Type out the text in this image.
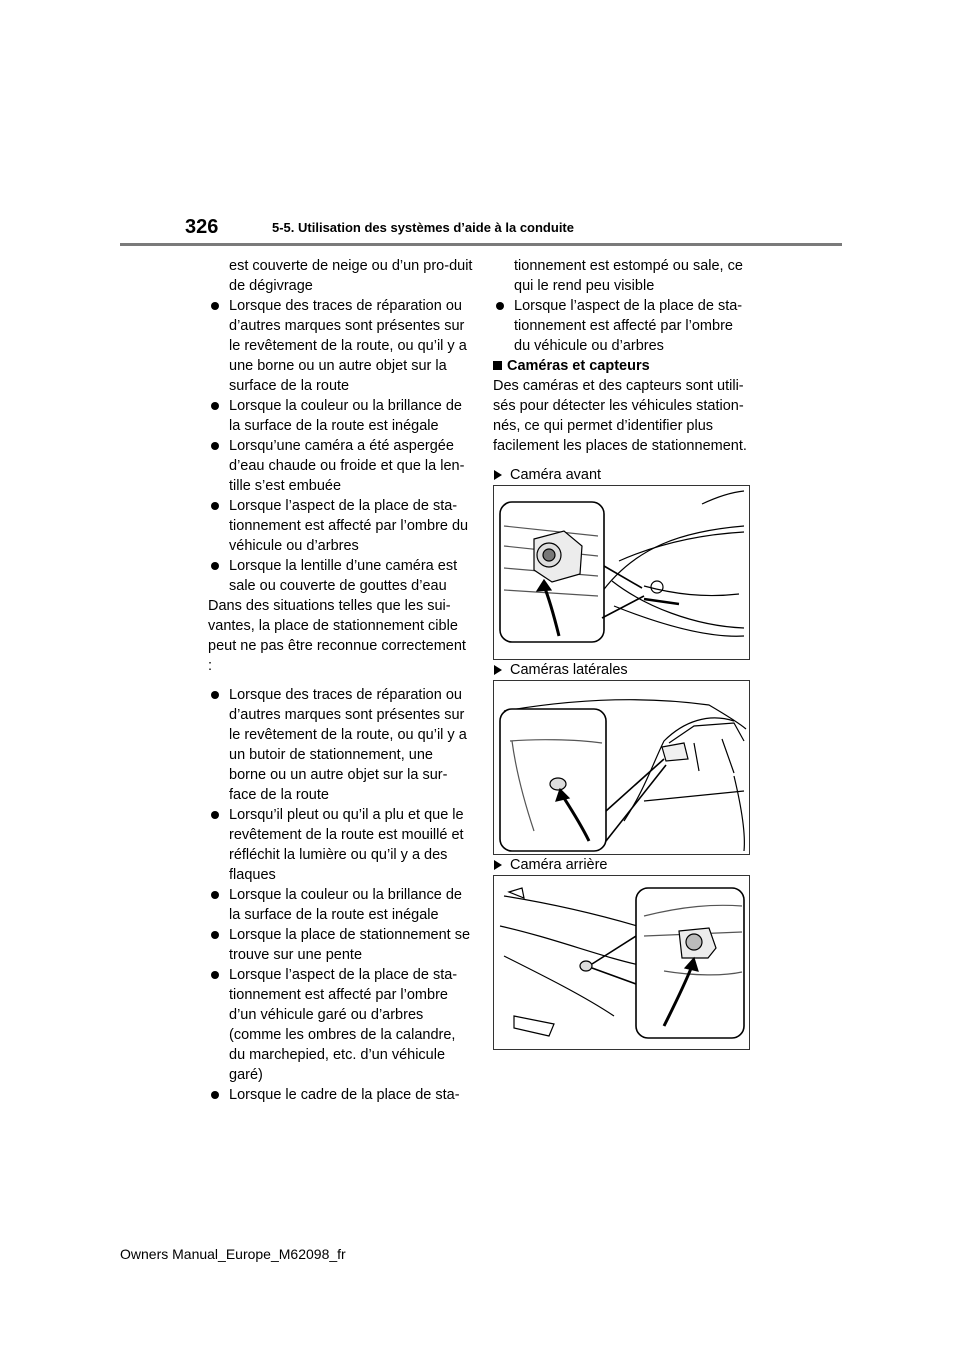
326	5-5. Utilisation des systèmes d’aide à la conduite

est couverte de neige ou d’un pro-duit de dégivrage

Lorsque des traces de réparation ou d’autres marques sont présentes sur le revêtement de la route, ou qu’il y a une borne ou un autre objet sur la surface de la route

Lorsque la couleur ou la brillance de la surface de la route est inégale

Lorsqu’une caméra a été aspergée d’eau chaude ou froide et que la len-tille s’est embuée

Lorsque l’aspect de la place de sta-tionnement est affecté par l’ombre du véhicule ou d’arbres

Lorsque la lentille d’une caméra est sale ou couverte de gouttes d’eau

Dans des situations telles que les sui-vantes, la place de stationnement cible peut ne pas être reconnue correctement :

Lorsque des traces de réparation ou d’autres marques sont présentes sur le revêtement de la route, ou qu’il y a un butoir de stationnement, une borne ou un autre objet sur la sur-face de la route

Lorsqu’il pleut ou qu’il a plu et que le revêtement de la route est mouillé et réfléchit la lumière ou qu’il y a des flaques

Lorsque la couleur ou la brillance de la surface de la route est inégale

Lorsque la place de stationnement se trouve sur une pente

Lorsque l’aspect de la place de sta-tionnement est affecté par l’ombre d’un véhicule garé ou d’arbres (comme les ombres de la calandre, du marchepied, etc. d’un véhicule garé)

Lorsque le cadre de la place de sta-

tionnement est estompé ou sale, ce qui le rend peu visible

Lorsque l’aspect de la place de sta-tionnement est affecté par l’ombre du véhicule ou d’arbres

Caméras et capteurs

Des caméras et des capteurs sont utili-sés pour détecter les véhicules station-nés, ce qui permet d’identifier plus facilement les places de stationnement.

Caméra avant

Caméras latérales

Caméra arrière

Owners Manual_Europe_M62098_fr
